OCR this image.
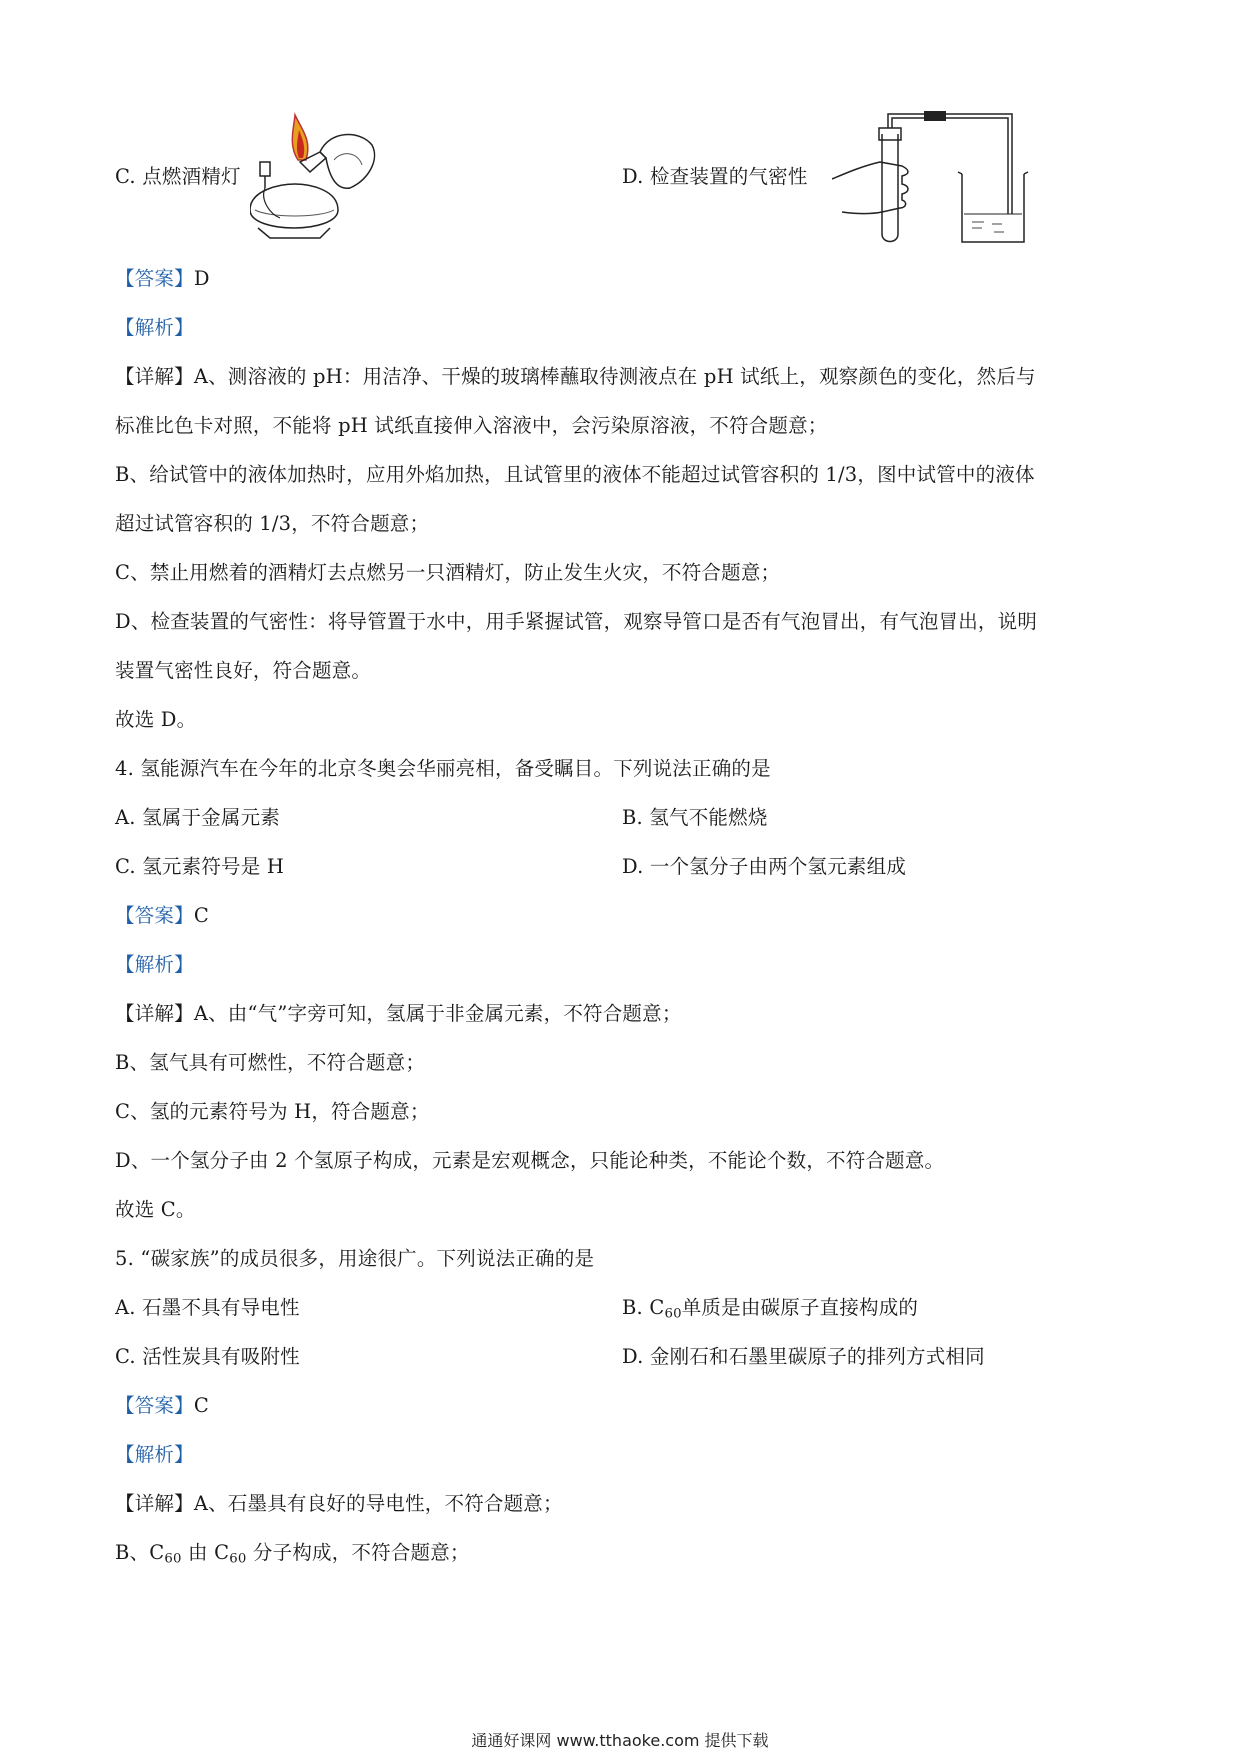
C. 点燃酒精灯	D. 检查装置的气密性
【答案】D
【解析】
【详解】A、测溶液的 pH：用洁净、干燥的玻璃棒蘸取待测液点在 pH 试纸上，观察颜色的变化，然后与
标准比色卡对照，不能将 pH 试纸直接伸入溶液中，会污染原溶液，不符合题意；
B、给试管中的液体加热时，应用外焰加热，且试管里的液体不能超过试管容积的 1/3，图中试管中的液体
超过试管容积的 1/3，不符合题意；
C、禁止用燃着的酒精灯去点燃另一只酒精灯，防止发生火灾，不符合题意；
D、检查装置的气密性：将导管置于水中，用手紧握试管，观察导管口是否有气泡冒出，有气泡冒出，说明
装置气密性良好，符合题意。
故选 D。
4. 氢能源汽车在今年的北京冬奥会华丽亮相，备受瞩目。下列说法正确的是
A. 氢属于金属元素	B. 氢气不能燃烧
C. 氢元素符号是 H	D. 一个氢分子由两个氢元素组成
【答案】C
【解析】
【详解】A、由“气”字旁可知，氢属于非金属元素，不符合题意；
B、氢气具有可燃性，不符合题意；
C、氢的元素符号为 H，符合题意；
D、一个氢分子由 2 个氢原子构成，元素是宏观概念，只能论种类，不能论个数，不符合题意。
故选 C。
5. “碳家族”的成员很多，用途很广。下列说法正确的是
A. 石墨不具有导电性	B. $C_{60}$单质是由碳原子直接构成的
C. 活性炭具有吸附性	D. 金刚石和石墨里碳原子的排列方式相同
【答案】C
【解析】
【详解】A、石墨具有良好的导电性，不符合题意；
B、$C_{60}$ 由 $C_{60}$ 分子构成，不符合题意；
通通好课网 www.tthaoke.com 提供下载
